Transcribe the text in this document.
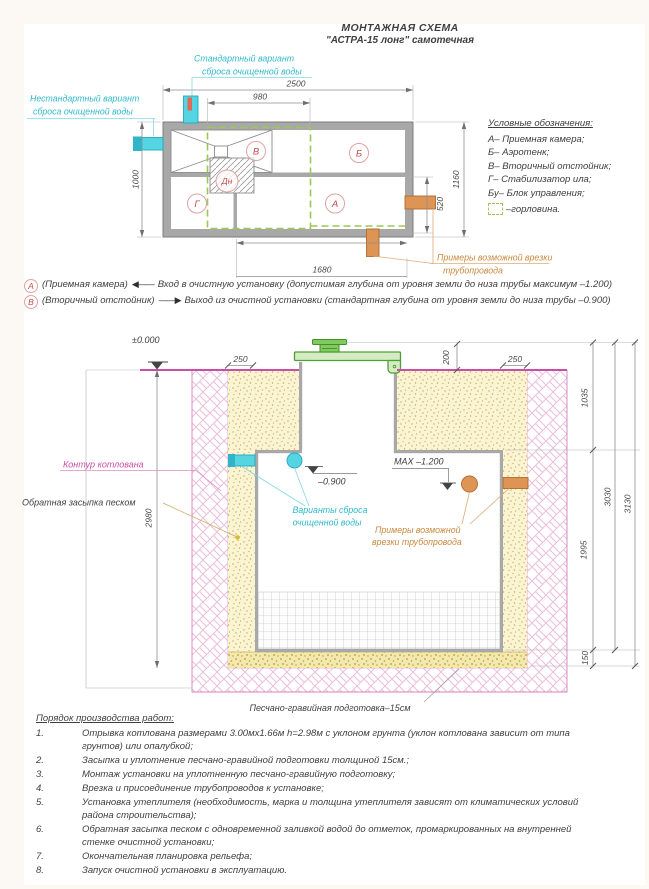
В	Б
Дн
Г	А
2500
980
1000	1160
520
1680
Стандартный вариант
сброса очищенной воды
Нестандартный вариант
сброса очищенной воды
Примеры возможной врезки
трубопровода
±0.000
2980
250	250
200
–0.900
MAX –1.200
Варианты сброса
очищенной воды
Примеры возможной
врезки трубопровода
Контур котлована
Обратная засыпка песком
Песчано-гравийная подготовка–15см
1035
1995
150
3030 3130
МОНТАЖНАЯ СХЕМА
"АСТРА-15 лонг" самотечная
Условные обозначения:
А– Приемная камера;
Б– Аэротенк;
В– Вторичный отстойник;
Г– Стабилизатор ила;
Бу– Блок управления;
–горловина.
А (Приемная камера) ◀—— Вход в очистную установку (допустимая глубина от уровня земли до низа трубы максимум –1.200)
В (Вторичный отстойник) ——▶ Выход из очистной установки (стандартная глубина от уровня земли до низа трубы –0.900)
Порядок производства работ:
1.	Отрывка котлована размерами 3.00мх1.66м h=2.98м с уклоном грунта (уклон котлована зависит от типа грунтов) или опалубкой;
2.	Засыпка и уплотнение песчано-гравийной подготовки толщиной 15см.;
3.	Монтаж установки на уплотненную песчано-гравийную подготовку;
4.	Врезка и присоединение трубопроводов к установке;
5.	Установка утеплителя (необходимость, марка и толщина утеплителя зависят от климатических условий района строительства);
6.	Обратная засыпка песком с одновременной заливкой водой до отметок, промаркированных на внутренней стенке очистной установки;
7.	Окончательная планировка рельефа;
8.	Запуск очистной установки в эксплуатацию.
